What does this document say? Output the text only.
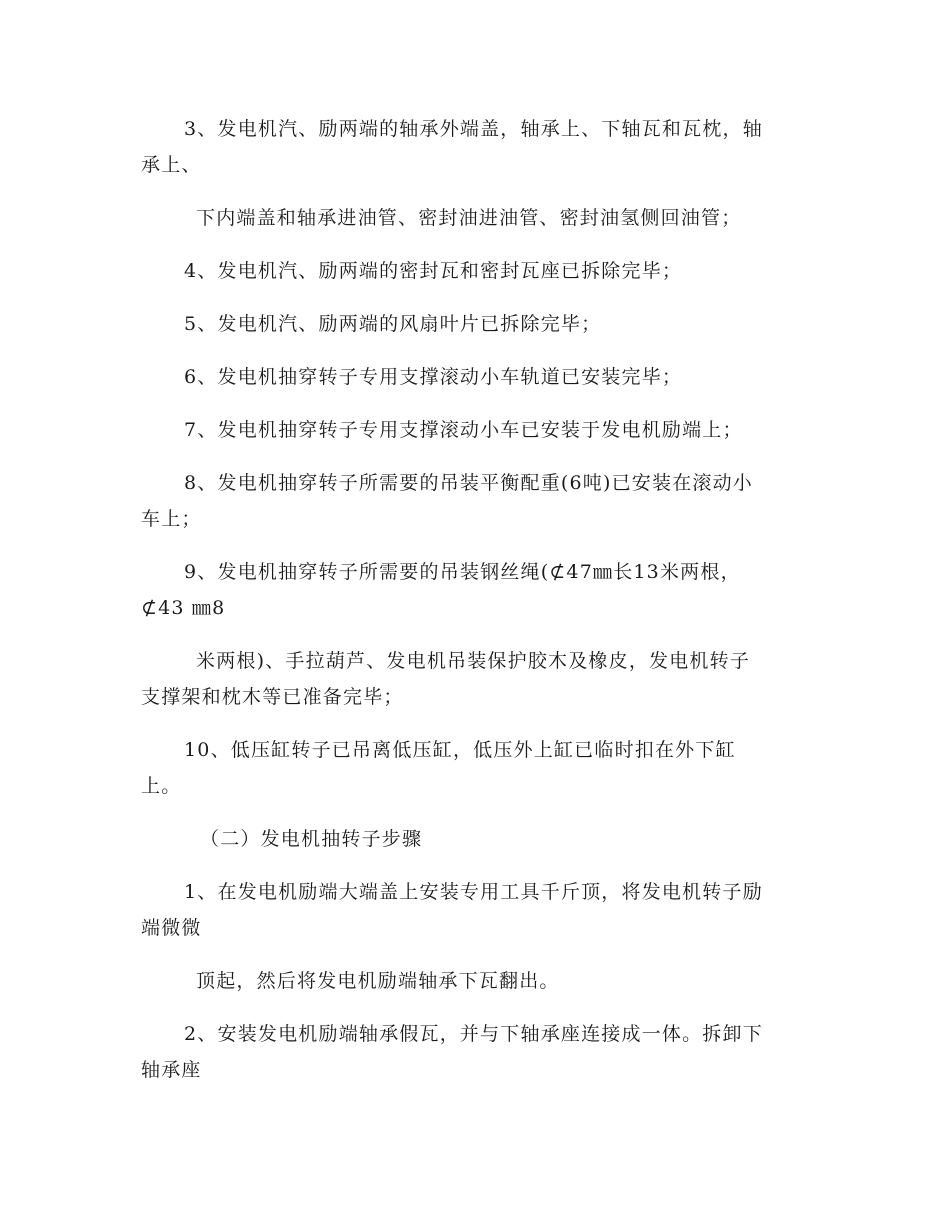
3、发电机汽、励两端的轴承外端盖，轴承上、下轴瓦和瓦枕，轴
承上、
下内端盖和轴承进油管、密封油进油管、密封油氢侧回油管；
4、发电机汽、励两端的密封瓦和密封瓦座已拆除完毕；
5、发电机汽、励两端的风扇叶片已拆除完毕；
6、发电机抽穿转子专用支撑滚动小车轨道已安装完毕；
7、发电机抽穿转子专用支撑滚动小车已安装于发电机励端上；
8、发电机抽穿转子所需要的吊装平衡配重(6吨)已安装在滚动小
车上；
9、发电机抽穿转子所需要的吊装钢丝绳(⊄47㎜长13米两根，
⊄43 ㎜8
米两根)、手拉葫芦、发电机吊装保护胶木及橡皮，发电机转子
支撑架和枕木等已准备完毕；
10、低压缸转子已吊离低压缸，低压外上缸已临时扣在外下缸
上。
（二）发电机抽转子步骤
1、在发电机励端大端盖上安装专用工具千斤顶，将发电机转子励
端微微
顶起，然后将发电机励端轴承下瓦翻出。
2、安装发电机励端轴承假瓦，并与下轴承座连接成一体。拆卸下
轴承座
